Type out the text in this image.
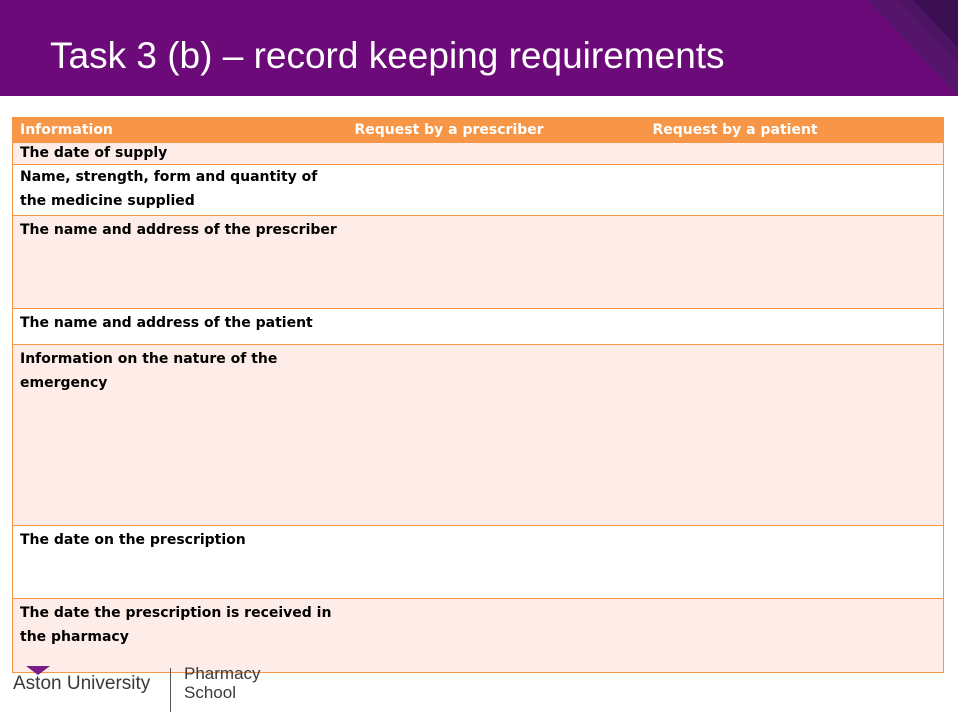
Task 3 (b) – record keeping requirements
Information	Request by a prescriber	Request by a patient
The date of supply		
Name, strength, form and quantity of the medicine supplied		
The name and address of the prescriber		
The name and address of the patient		
Information on the nature of the emergency		
The date on the prescription		
The date the prescription is received in the pharmacy		
Aston University Pharmacy
School
